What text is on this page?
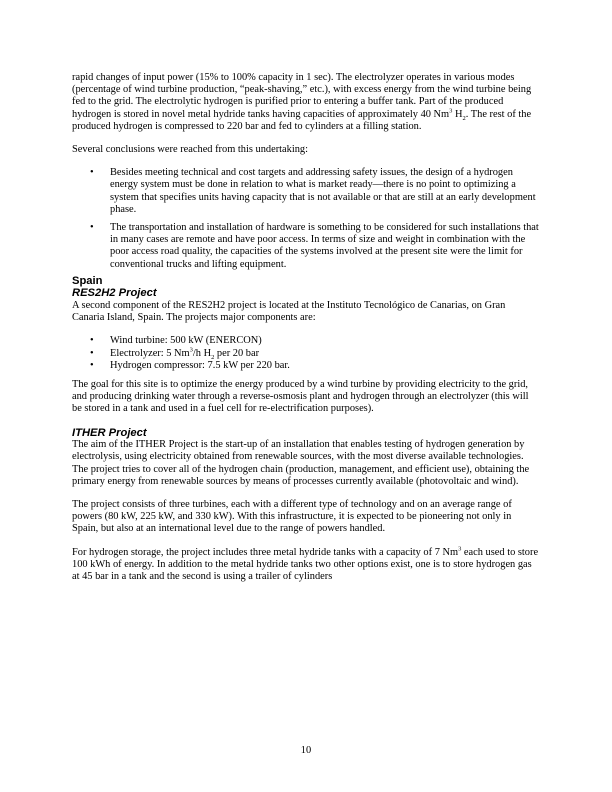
rapid changes of input power (15% to 100% capacity in 1 sec). The electrolyzer operates in various modes (percentage of wind turbine production, “peak-shaving,” etc.), with excess energy from the wind turbine being fed to the grid. The electrolytic hydrogen is purified prior to entering a buffer tank. Part of the produced hydrogen is stored in novel metal hydride tanks having capacities of approximately 40 Nm$^3$ $H_2$. The rest of the produced hydrogen is compressed to 220 bar and fed to cylinders at a filling station.

Several conclusions were reached from this undertaking:

• Besides meeting technical and cost targets and addressing safety issues, the design of a hydrogen energy system must be done in relation to what is market ready—there is no point to optimizing a system that specifies units having capacity that is not available or that are still at an early development phase.
• The transportation and installation of hardware is something to be considered for such installations that in many cases are remote and have poor access. In terms of size and weight in combination with the poor access road quality, the capacities of the systems involved at the present site were the limit for conventional trucks and lifting equipment.
Spain
RES2H2 Project

A second component of the RES2H2 project is located at the Instituto Tecnológico de Canarias, on Gran Canaria Island, Spain. The projects major components are:

• Wind turbine: 500 kW (ENERCON)
• Electrolyzer: 5 Nm$^3$/h $H_2$ per 20 bar
• Hydrogen compressor: 7.5 kW per 220 bar.

The goal for this site is to optimize the energy produced by a wind turbine by providing electricity to the grid, and producing drinking water through a reverse-osmosis plant and hydrogen through an electrolyzer (this will be stored in a tank and used in a fuel cell for re-electrification purposes).

ITHER Project

The aim of the ITHER Project is the start-up of an installation that enables testing of hydrogen generation by electrolysis, using electricity obtained from renewable sources, with the most diverse available technologies. The project tries to cover all of the hydrogen chain (production, management, and efficient use), obtaining the primary energy from renewable sources by means of processes currently available (photovoltaic and wind).

The project consists of three turbines, each with a different type of technology and on an average range of powers (80 kW, 225 kW, and 330 kW). With this infrastructure, it is expected to be pioneering not only in Spain, but also at an international level due to the range of powers handled.

For hydrogen storage, the project includes three metal hydride tanks with a capacity of 7 Nm$^3$ each used to store 100 kWh of energy. In addition to the metal hydride tanks two other options exist, one is to store hydrogen gas at 45 bar in a tank and the second is using a trailer of cylinders

10
